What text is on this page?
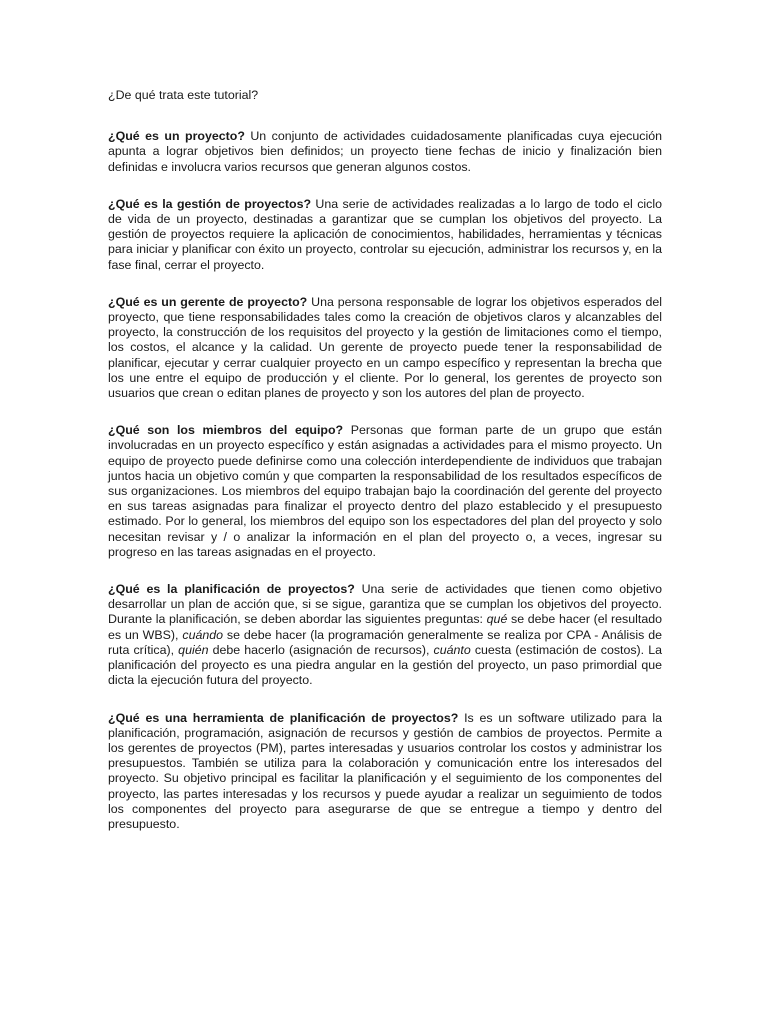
¿De qué trata este tutorial?

¿Qué es un proyecto? Un conjunto de actividades cuidadosamente planificadas cuya ejecución apunta a lograr objetivos bien definidos; un proyecto tiene fechas de inicio y finalización bien definidas e involucra varios recursos que generan algunos costos.

¿Qué es la gestión de proyectos? Una serie de actividades realizadas a lo largo de todo el ciclo de vida de un proyecto, destinadas a garantizar que se cumplan los objetivos del proyecto. La gestión de proyectos requiere la aplicación de conocimientos, habilidades, herramientas y técnicas para iniciar y planificar con éxito un proyecto, controlar su ejecución, administrar los recursos y, en la fase final, cerrar el proyecto.

¿Qué es un gerente de proyecto? Una persona responsable de lograr los objetivos esperados del proyecto, que tiene responsabilidades tales como la creación de objetivos claros y alcanzables del proyecto, la construcción de los requisitos del proyecto y la gestión de limitaciones como el tiempo, los costos, el alcance y la calidad. Un gerente de proyecto puede tener la responsabilidad de planificar, ejecutar y cerrar cualquier proyecto en un campo específico y representan la brecha que los une entre el equipo de producción y el cliente. Por lo general, los gerentes de proyecto son usuarios que crean o editan planes de proyecto y son los autores del plan de proyecto.

¿Qué son los miembros del equipo? Personas que forman parte de un grupo que están involucradas en un proyecto específico y están asignadas a actividades para el mismo proyecto. Un equipo de proyecto puede definirse como una colección interdependiente de individuos que trabajan juntos hacia un objetivo común y que comparten la responsabilidad de los resultados específicos de sus organizaciones. Los miembros del equipo trabajan bajo la coordinación del gerente del proyecto en sus tareas asignadas para finalizar el proyecto dentro del plazo establecido y el presupuesto estimado. Por lo general, los miembros del equipo son los espectadores del plan del proyecto y solo necesitan revisar y / o analizar la información en el plan del proyecto o, a veces, ingresar su progreso en las tareas asignadas en el proyecto.

¿Qué es la planificación de proyectos? Una serie de actividades que tienen como objetivo desarrollar un plan de acción que, si se sigue, garantiza que se cumplan los objetivos del proyecto. Durante la planificación, se deben abordar las siguientes preguntas: qué se debe hacer (el resultado es un WBS), cuándo se debe hacer (la programación generalmente se realiza por CPA - Análisis de ruta crítica), quién debe hacerlo (asignación de recursos), cuánto cuesta (estimación de costos). La planificación del proyecto es una piedra angular en la gestión del proyecto, un paso primordial que dicta la ejecución futura del proyecto.

¿Qué es una herramienta de planificación de proyectos? Is es un software utilizado para la planificación, programación, asignación de recursos y gestión de cambios de proyectos. Permite a los gerentes de proyectos (PM), partes interesadas y usuarios controlar los costos y administrar los presupuestos. También se utiliza para la colaboración y comunicación entre los interesados del proyecto. Su objetivo principal es facilitar la planificación y el seguimiento de los componentes del proyecto, las partes interesadas y los recursos y puede ayudar a realizar un seguimiento de todos los componentes del proyecto para asegurarse de que se entregue a tiempo y dentro del presupuesto.
